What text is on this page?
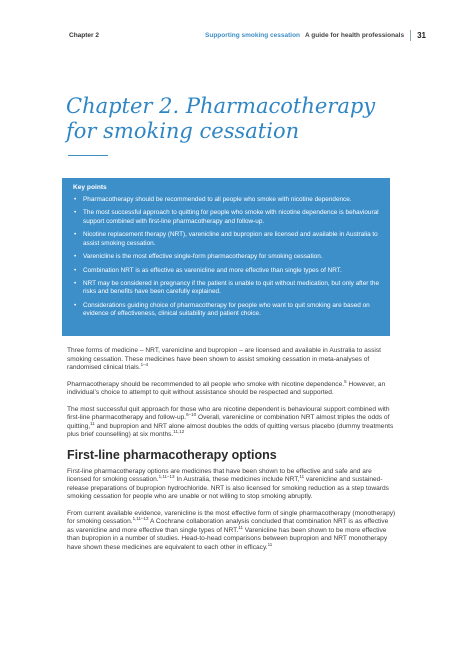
Chapter 2	Supporting smoking cessation A guide for health professionals 31
Chapter 2. Pharmacotherapy
for smoking cessation
Key points
• Pharmacotherapy should be recommended to all people who smoke with nicotine dependence.
• The most successful approach to quitting for people who smoke with nicotine dependence is behavioural support combined with first-line pharmacotherapy and follow-up.
• Nicotine replacement therapy (NRT), varenicline and bupropion are licensed and available in Australia to assist smoking cessation.
• Varenicline is the most effective single-form pharmacotherapy for smoking cessation.
• Combination NRT is as effective as varenicline and more effective than single types of NRT.
• NRT may be considered in pregnancy if the patient is unable to quit without medication, but only after the risks and benefits have been carefully explained.
• Considerations guiding choice of pharmacotherapy for people who want to quit smoking are based on evidence of effectiveness, clinical suitability and patient choice.

Three forms of medicine – NRT, varenicline and bupropion – are licensed and available in Australia to assist smoking cessation. These medicines have been shown to assist smoking cessation in meta-analyses of randomised clinical trials.$^{1-4}$

Pharmacotherapy should be recommended to all people who smoke with nicotine dependence.$^5$ However, an individual’s choice to attempt to quit without assistance should be respected and supported.

The most successful quit approach for those who are nicotine dependent is behavioural support combined with first-line pharmacotherapy and follow-up.$^{6-10}$ Overall, varenicline or combination NRT almost triples the odds of quitting,$^{11}$ and bupropion and NRT alone almost doubles the odds of quitting versus placebo (dummy treatments plus brief counselling) at six months.$^{11,12}$

First-line pharmacotherapy options

First-line pharmacotherapy options are medicines that have been shown to be effective and safe and are licensed for smoking cessation.$^{1,11-13}$ In Australia, these medicines include NRT,$^{11}$ varenicline and sustained-release preparations of bupropion hydrochloride. NRT is also licensed for smoking reduction as a step towards smoking cessation for people who are unable or not willing to stop smoking abruptly.

From current available evidence, varenicline is the most effective form of single pharmacotherapy (monotherapy) for smoking cessation.$^{1,11-13}$ A Cochrane collaboration analysis concluded that combination NRT is as effective as varenicline and more effective than single types of NRT.$^{11}$ Varenicline has been shown to be more effective than bupropion in a number of studies. Head-to-head comparisons between bupropion and NRT monotherapy have shown these medicines are equivalent to each other in efficacy.$^{11}$
